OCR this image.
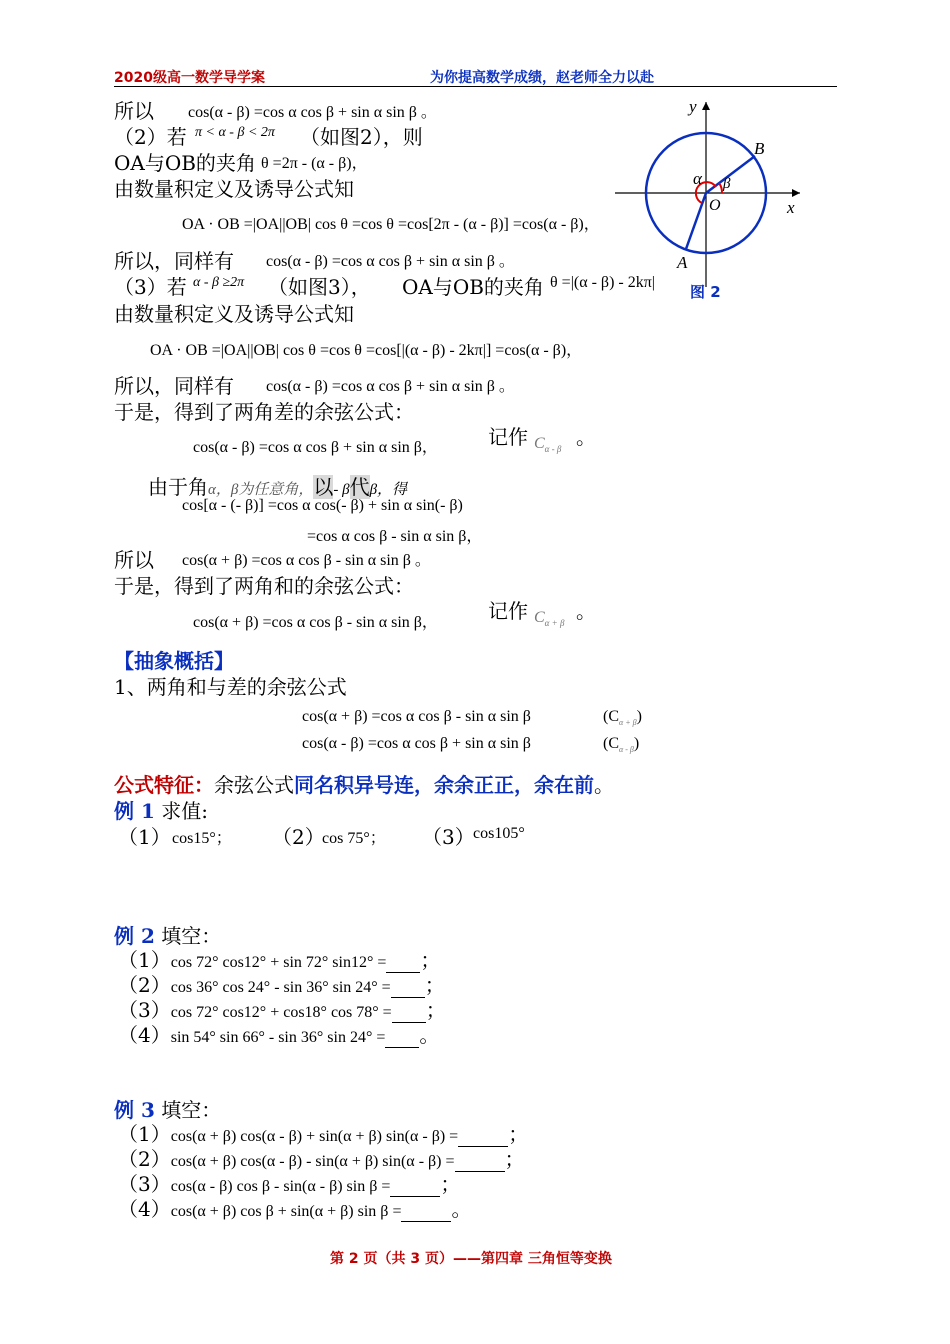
2020级高一数学导学案	为你提高数学成绩，赵老师全力以赴
y
x
B
A
O
α β
图 2
所以 cos(α - β) =cos α cos β + sin α sin β 。
（2）若 π < α - β < 2π （如图2），则
OA与OB的夹角 θ =2π - (α - β)，
由数量积定义及诱导公式知
OA · OB =|OA||OB| cos θ =cos θ =cos[2π - (α - β)] =cos(α - β)，
所以，同样有 cos(α - β) =cos α cos β + sin α sin β 。
（3）若 α - β ≥2π （如图3）， OA与OB的夹角 θ =|(α - β) - 2kπ|
由数量积定义及诱导公式知
OA · OB =|OA||OB| cos θ =cos θ =cos[|(α - β) - 2kπ|] =cos(α - β)，
所以，同样有 cos(α - β) =cos α cos β + sin α sin β 。
于是，得到了两角差的余弦公式：
cos(α - β) =cos α cos β + sin α sin β，	记作 $C_{\alpha - \beta}$
。
由于角α，β为任意角，以- β代β，得
cos[α - (- β)] =cos α cos(- β) + sin α sin(- β)
=cos α cos β - sin α sin β，
所以 cos(α + β) =cos α cos β - sin α sin β 。
于是，得到了两角和的余弦公式：
cos(α + β) =cos α cos β - sin α sin β，	记作 $C_{\alpha + \beta}$
。
【抽象概括】
1、两角和与差的余弦公式
cos(α + β) =cos α cos β - sin α sin β	$(C_{\alpha + \beta})$
cos(α - β) =cos α cos β + sin α sin β	$(C_{\alpha - \beta})$
公式特征：余弦公式同名积异号连，余余正正，余在前。
例 1 求值:
（1） cos15°； （2）
cos 75°； （3）
cos105°
例 2 填空：
（1）cos 72° cos12° + sin 72° sin12° = ；
（2）cos 36° cos 24° - sin 36° sin 24° = ；
（3）cos 72° cos12° + cos18° cos 78° = ；
（4）sin 54° sin 66° - sin 36° sin 24° = 。
例 3 填空：
（1）cos(α + β) cos(α - β) + sin(α + β) sin(α - β) =	；
（2）cos(α + β) cos(α - β) - sin(α + β) sin(α - β) =	；
（3）cos(α - β) cos β - sin(α - β) sin β =	；
（4）cos(α + β) cos β + sin(α + β) sin β =	。
第 2 页（共 3 页）——第四章 三角恒等变换
